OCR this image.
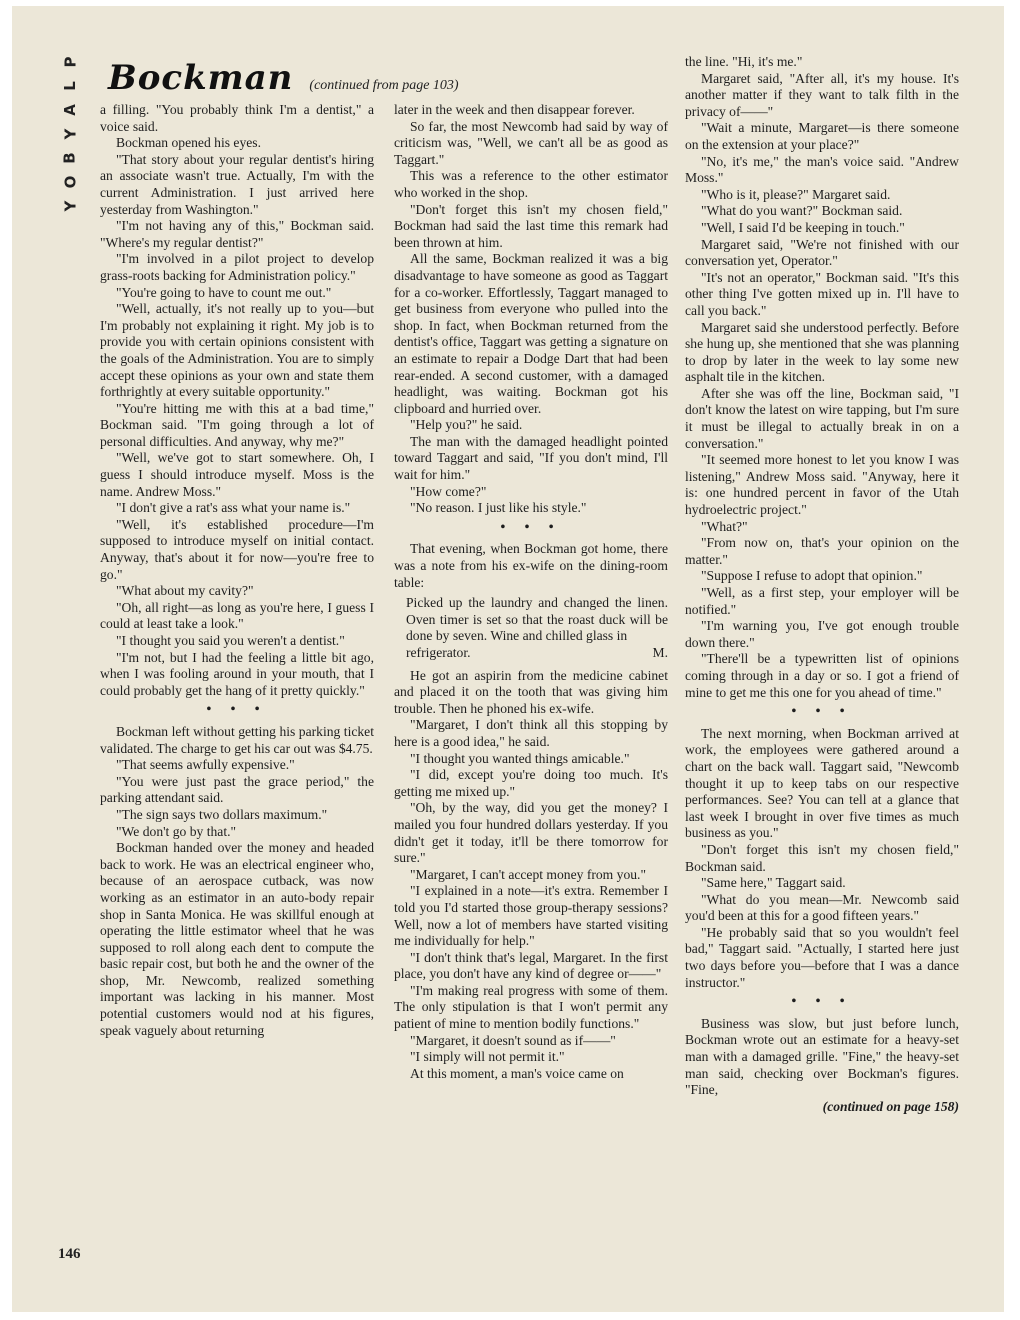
P
L
A
Y
B
O
Y
Bockman (continued from page 103)

a filling. "You probably think I'm a dentist," a voice said.

Bockman opened his eyes.

"That story about your regular dentist's hiring an associate wasn't true. Actually, I'm with the current Administration. I just arrived here yesterday from Washington."

"I'm not having any of this," Bockman said. "Where's my regular dentist?"

"I'm involved in a pilot project to develop grass-roots backing for Administration policy."

"You're going to have to count me out."

"Well, actually, it's not really up to you—but I'm probably not explaining it right. My job is to provide you with certain opinions consistent with the goals of the Administration. You are to simply accept these opinions as your own and state them forthrightly at every suitable opportunity."

"You're hitting me with this at a bad time," Bockman said. "I'm going through a lot of personal difficulties. And anyway, why me?"

"Well, we've got to start somewhere. Oh, I guess I should introduce myself. Moss is the name. Andrew Moss."

"I don't give a rat's ass what your name is."

"Well, it's established procedure—I'm supposed to introduce myself on initial contact. Anyway, that's about it for now—you're free to go."

"What about my cavity?"

"Oh, all right—as long as you're here, I guess I could at least take a look."

"I thought you said you weren't a dentist."

"I'm not, but I had the feeling a little bit ago, when I was fooling around in your mouth, that I could probably get the hang of it pretty quickly."

• • •

Bockman left without getting his parking ticket validated. The charge to get his car out was $4.75.

"That seems awfully expensive."

"You were just past the grace period," the parking attendant said.

"The sign says two dollars maximum."

"We don't go by that."

Bockman handed over the money and headed back to work. He was an electrical engineer who, because of an aerospace cutback, was now working as an estimator in an auto-body repair shop in Santa Monica. He was skillful enough at operating the little estimator wheel that he was supposed to roll along each dent to compute the basic repair cost, but both he and the owner of the shop, Mr. Newcomb, realized something important was lacking in his manner. Most potential customers would nod at his figures, speak vaguely about returning

later in the week and then disappear forever.

So far, the most Newcomb had said by way of criticism was, "Well, we can't all be as good as Taggart."

This was a reference to the other estimator who worked in the shop.

"Don't forget this isn't my chosen field," Bockman had said the last time this remark had been thrown at him.

All the same, Bockman realized it was a big disadvantage to have someone as good as Taggart for a co-worker. Effortlessly, Taggart managed to get business from everyone who pulled into the shop. In fact, when Bockman returned from the dentist's office, Taggart was getting a signature on an estimate to repair a Dodge Dart that had been rear-ended. A second customer, with a damaged headlight, was waiting. Bockman got his clipboard and hurried over.

"Help you?" he said.

The man with the damaged headlight pointed toward Taggart and said, "If you don't mind, I'll wait for him."

"How come?"

"No reason. I just like his style."

• • •

That evening, when Bockman got home, there was a note from his ex-wife on the dining-room table:

Picked up the laundry and changed the linen. Oven timer is set so that the roast duck will be done by seven. Wine and chilled glass in

refrigerator.	M.

He got an aspirin from the medicine cabinet and placed it on the tooth that was giving him trouble. Then he phoned his ex-wife.

"Margaret, I don't think all this stopping by here is a good idea," he said.

"I thought you wanted things amicable."

"I did, except you're doing too much. It's getting me mixed up."

"Oh, by the way, did you get the money? I mailed you four hundred dollars yesterday. If you didn't get it today, it'll be there tomorrow for sure."

"Margaret, I can't accept money from you."

"I explained in a note—it's extra. Remember I told you I'd started those group-therapy sessions? Well, now a lot of members have started visiting me individually for help."

"I don't think that's legal, Margaret. In the first place, you don't have any kind of degree or——"

"I'm making real progress with some of them. The only stipulation is that I won't permit any patient of mine to mention bodily functions."

"Margaret, it doesn't sound as if——"

"I simply will not permit it."

At this moment, a man's voice came on

the line. "Hi, it's me."

Margaret said, "After all, it's my house. It's another matter if they want to talk filth in the privacy of——"

"Wait a minute, Margaret—is there someone on the extension at your place?"

"No, it's me," the man's voice said. "Andrew Moss."

"Who is it, please?" Margaret said.

"What do you want?" Bockman said.

"Well, I said I'd be keeping in touch."

Margaret said, "We're not finished with our conversation yet, Operator."

"It's not an operator," Bockman said. "It's this other thing I've gotten mixed up in. I'll have to call you back."

Margaret said she understood perfectly. Before she hung up, she mentioned that she was planning to drop by later in the week to lay some new asphalt tile in the kitchen.

After she was off the line, Bockman said, "I don't know the latest on wire tapping, but I'm sure it must be illegal to actually break in on a conversation."

"It seemed more honest to let you know I was listening," Andrew Moss said. "Anyway, here it is: one hundred percent in favor of the Utah hydroelectric project."

"What?"

"From now on, that's your opinion on the matter."

"Suppose I refuse to adopt that opinion."

"Well, as a first step, your employer will be notified."

"I'm warning you, I've got enough trouble down there."

"There'll be a typewritten list of opinions coming through in a day or so. I got a friend of mine to get me this one for you ahead of time."

• • •

The next morning, when Bockman arrived at work, the employees were gathered around a chart on the back wall. Taggart said, "Newcomb thought it up to keep tabs on our respective performances. See? You can tell at a glance that last week I brought in over five times as much business as you."

"Don't forget this isn't my chosen field," Bockman said.

"Same here," Taggart said.

"What do you mean—Mr. Newcomb said you'd been at this for a good fifteen years."

"He probably said that so you wouldn't feel bad," Taggart said. "Actually, I started here just two days before you—before that I was a dance instructor."

• • •

Business was slow, but just before lunch, Bockman wrote out an estimate for a heavy-set man with a damaged grille. "Fine," the heavy-set man said, checking over Bockman's figures. "Fine,

(continued on page 158)
146
